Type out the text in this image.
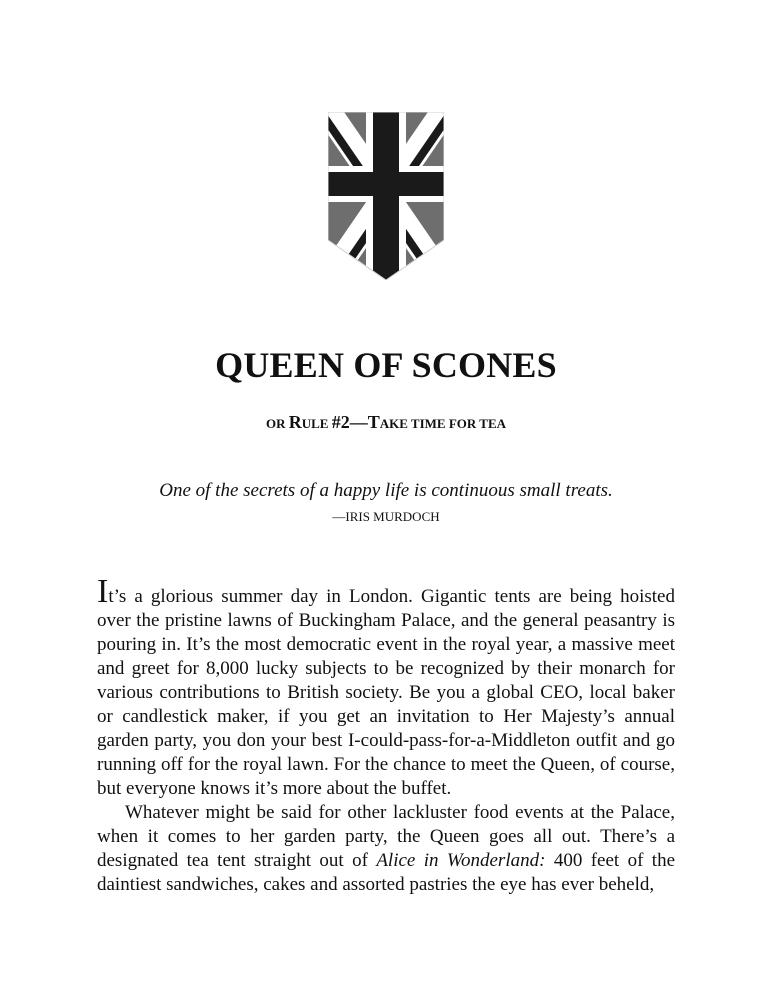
QUEEN OF SCONES
OR RULE #2—TAKE TIME FOR TEA
One of the secrets of a happy life is continuous small treats.
—IRIS MURDOCH

It’s a glorious summer day in London. Gigantic tents are being hoisted over the pristine lawns of Buckingham Palace, and the general peasantry is pouring in. It’s the most democratic event in the royal year, a massive meet and greet for 8,000 lucky subjects to be recognized by their monarch for various contributions to British society. Be you a global CEO, local baker or candlestick maker, if you get an invitation to Her Majesty’s annual garden party, you don your best I-could-pass-for-a-Middleton outfit and go running off for the royal lawn. For the chance to meet the Queen, of course, but everyone knows it’s more about the buffet.

Whatever might be said for other lackluster food events at the Palace, when it comes to her garden party, the Queen goes all out. There’s a designated tea tent straight out of Alice in Wonderland: 400 feet of the daintiest sandwiches, cakes and assorted pastries the eye has ever beheld,
